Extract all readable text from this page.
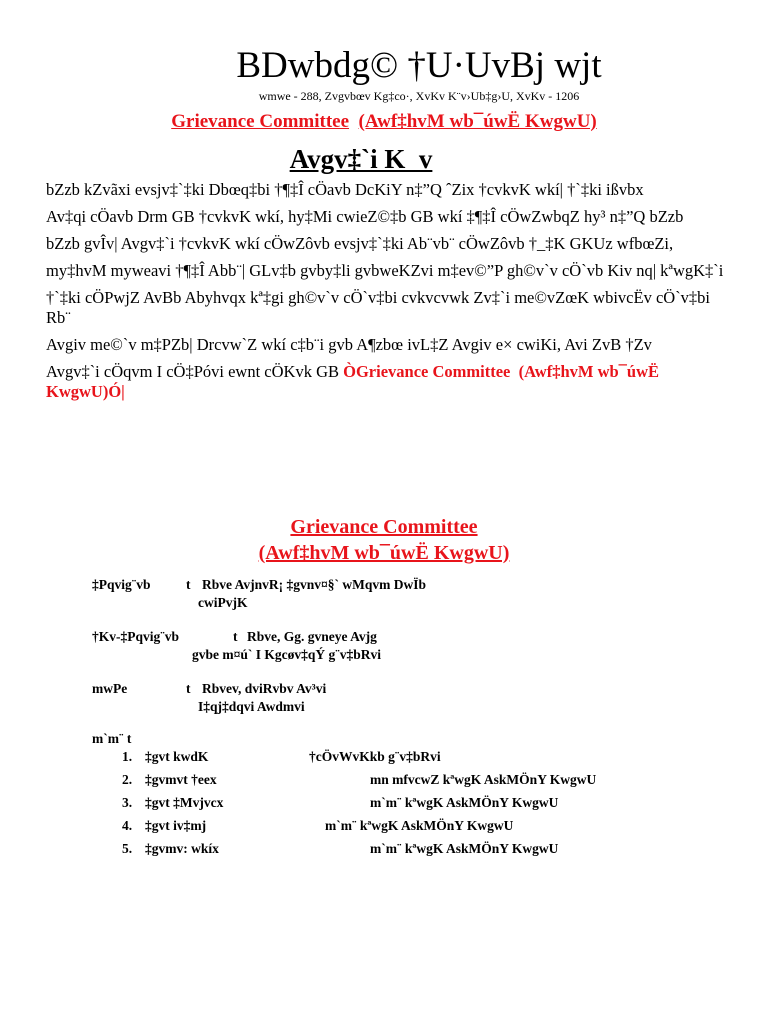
BDwbdg© †U·UvBj wjt
wmwe - 288, Zvgvbœv Kg‡co·, XvKv K¨v›Ub‡g›U, XvKv - 1206
Grievance Committee (Awf‡hvM wb¯úwË KwgwU)
Avgv‡`i K_v

bZzb kZvãxi evsjv‡`‡ki Dbœq‡bi †¶‡Î cÖavb DcKiY n‡”Q ˆZix †cvkvK wkí| †`‡ki ißvbx

Av‡qi cÖavb Drm GB †cvkvK wkí, hy‡Mi cwieZ©‡b GB wkí ‡¶‡Î cÖwZwbqZ hy³ n‡”Q bZzb

bZzb gvÎv| Avgv‡`i †cvkvK wkí cÖwZôvb evsjv‡`‡ki Ab¨vb¨ cÖwZôvb †_‡K GKUz wfbœZi,

my‡hvM myweavi †¶‡Î Abb¨| GLv‡b gvby‡li gvbweKZvi m‡ev©”P gh©v`v cÖ`vb Kiv nq| kªwgK‡`i

†`‡ki cÖPwjZ AvBb Abyhvqx kª‡gi gh©v`v cÖ`v‡bi cvkvcvwk Zv‡`i me©vZœK wbivcËv cÖ`v‡bi Rb¨

Avgiv me©`v m‡PZb| Drcvw`Z wkí c‡b¨i gvb A¶zbœ ivL‡Z Avgiv e× cwiKi, Avi ZvB †Zv

Avgv‡`i cÖqvm I cÖ‡Póvi ewnt cÖKvk GB ÒGrievance Committee (Awf‡hvM wb¯úwË KwgwU)Ó|

Grievance Committee
(Awf‡hvM wb¯úwË KwgwU)
‡Pqvig¨vb	t Rbve AvjnvR¡ ‡gvnv¤§` wMqvm DwÏb
cwiPvjK
†Kv-‡Pqvig¨vb	t Rbve, Gg. gvneye Avjg
gvbe m¤ú` I Kgcøv‡qÝ g¨v‡bRvi
mwPe	t Rbvev, dviRvbv Av³vi
I‡qj‡dqvi Awdmvi
m`m¨ t
1. ‡gvt kwdK	†cÖvWvKkb g¨v‡bRvi
2. ‡gvmvt †eex	mn mfvcwZ kªwgK AskMÖnY KwgwU
3. ‡gvt ‡Mvjvcx	m`m¨ kªwgK AskMÖnY KwgwU
4. ‡gvt iv‡mj	m`m¨ kªwgK AskMÖnY KwgwU
5. ‡gvmv: wkíx	m`m¨ kªwgK AskMÖnY KwgwU
